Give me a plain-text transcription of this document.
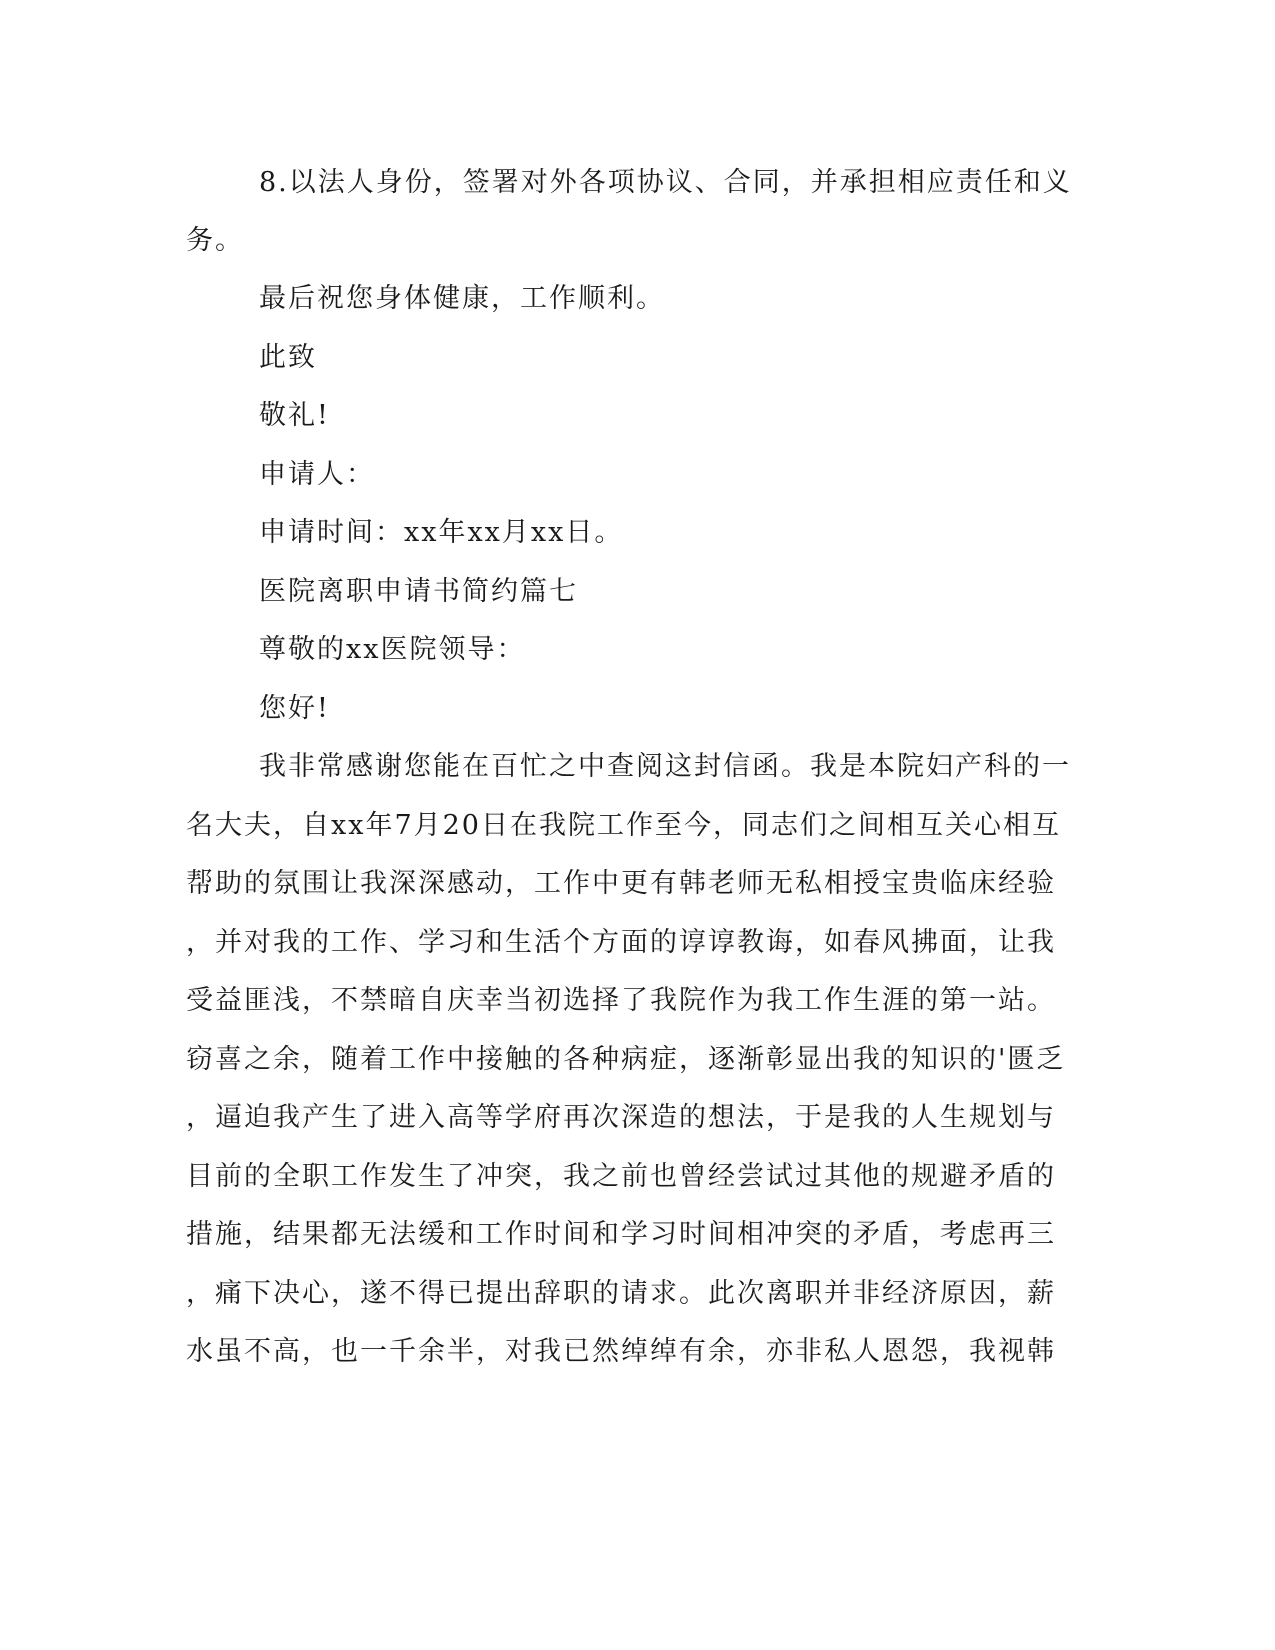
8.以法人身份，签署对外各项协议、合同，并承担相应责任和义
务。
最后祝您身体健康，工作顺利。
此致
敬礼!
申请人：
申请时间：xx年xx月xx日。
医院离职申请书简约篇七
尊敬的xx医院领导：
您好!
我非常感谢您能在百忙之中查阅这封信函。我是本院妇产科的一
名大夫，自xx年7月20日在我院工作至今，同志们之间相互关心相互
帮助的氛围让我深深感动，工作中更有韩老师无私相授宝贵临床经验
，并对我的工作、学习和生活个方面的谆谆教诲，如春风拂面，让我
受益匪浅，不禁暗自庆幸当初选择了我院作为我工作生涯的第一站。
窃喜之余，随着工作中接触的各种病症，逐渐彰显出我的知识的'匮乏
，逼迫我产生了进入高等学府再次深造的想法，于是我的人生规划与
目前的全职工作发生了冲突，我之前也曾经尝试过其他的规避矛盾的
措施，结果都无法缓和工作时间和学习时间相冲突的矛盾，考虑再三
，痛下决心，遂不得已提出辞职的请求。此次离职并非经济原因，薪
水虽不高，也一千余半，对我已然绰绰有余，亦非私人恩怨，我视韩
